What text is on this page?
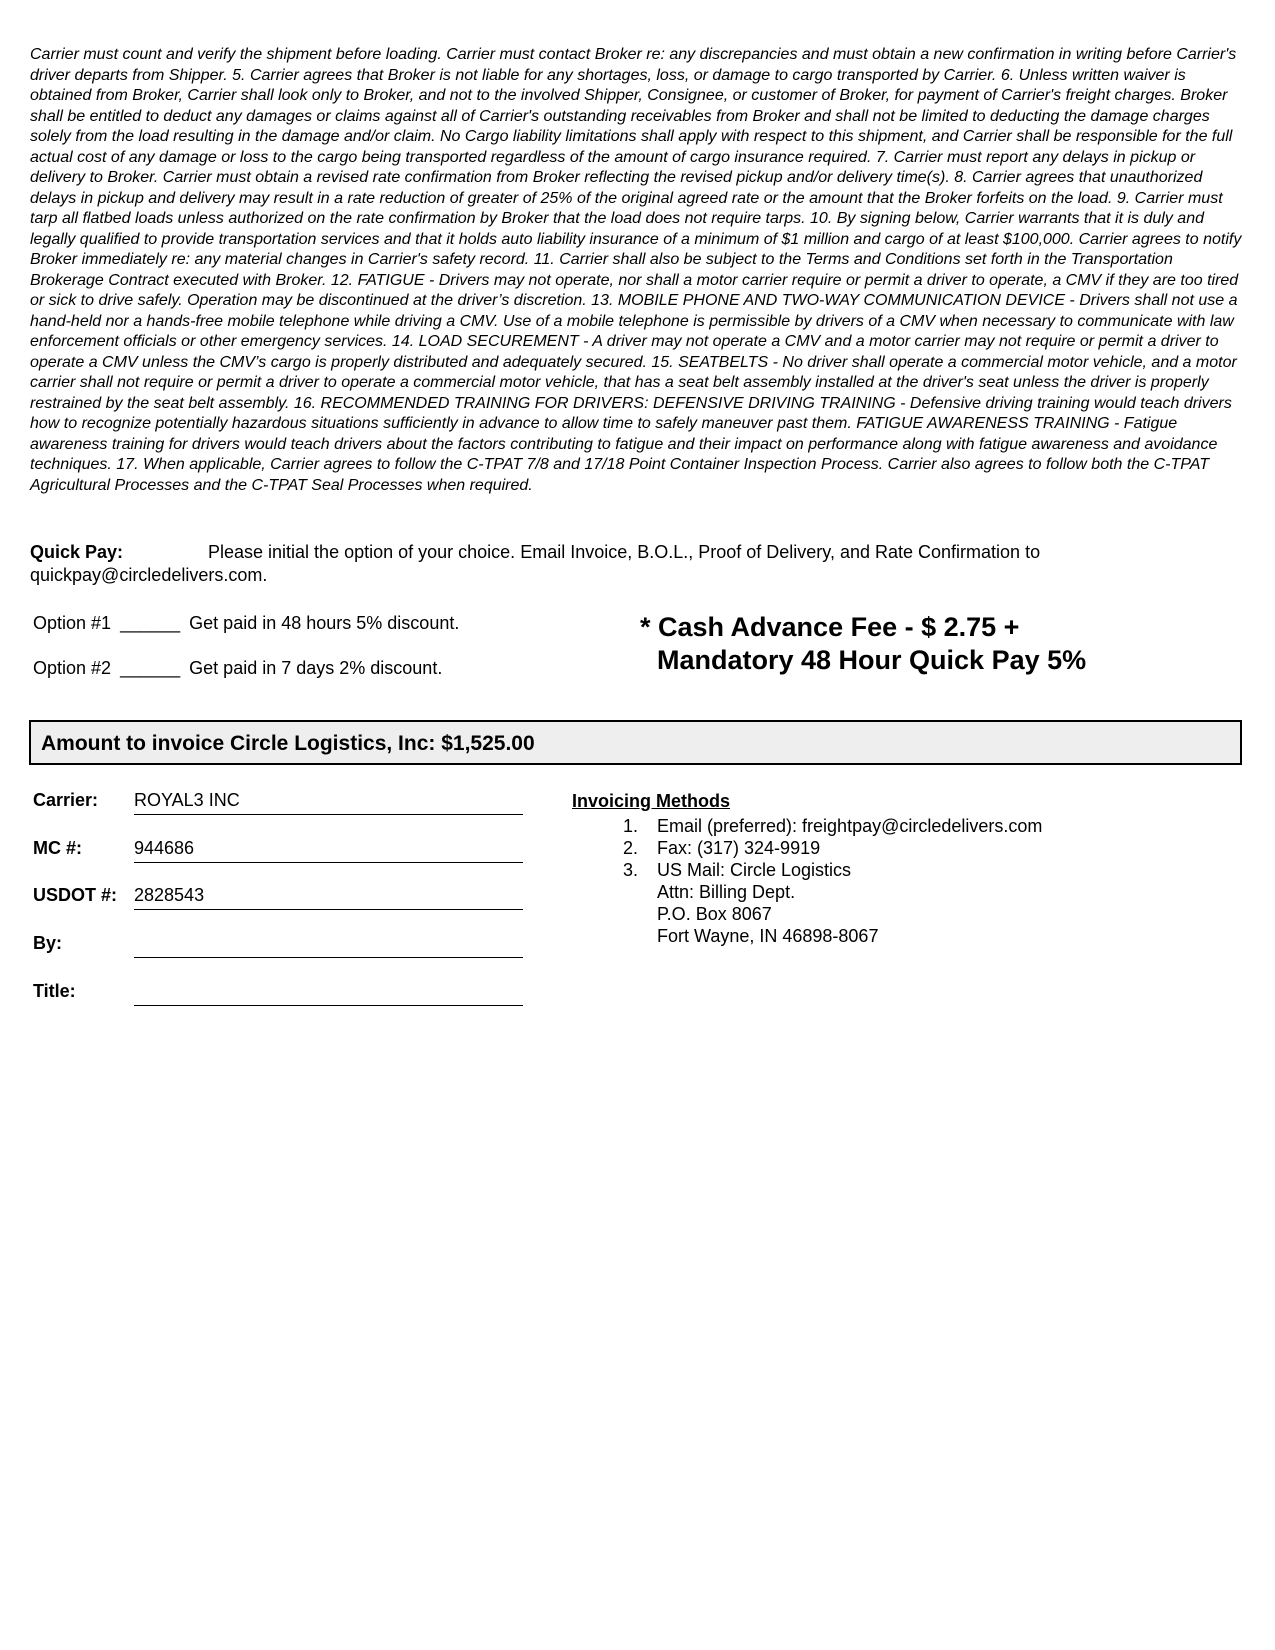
Carrier must count and verify the shipment before loading. Carrier must contact Broker re: any discrepancies and must obtain a new confirmation in writing before Carrier's driver departs from Shipper. 5. Carrier agrees that Broker is not liable for any shortages, loss, or damage to cargo transported by Carrier. 6. Unless written waiver is obtained from Broker, Carrier shall look only to Broker, and not to the involved Shipper, Consignee, or customer of Broker, for payment of Carrier's freight charges. Broker shall be entitled to deduct any damages or claims against all of Carrier's outstanding receivables from Broker and shall not be limited to deducting the damage charges solely from the load resulting in the damage and/or claim. No Cargo liability limitations shall apply with respect to this shipment, and Carrier shall be responsible for the full actual cost of any damage or loss to the cargo being transported regardless of the amount of cargo insurance required. 7. Carrier must report any delays in pickup or delivery to Broker. Carrier must obtain a revised rate confirmation from Broker reflecting the revised pickup and/or delivery time(s). 8. Carrier agrees that unauthorized delays in pickup and delivery may result in a rate reduction of greater of 25% of the original agreed rate or the amount that the Broker forfeits on the load. 9. Carrier must tarp all flatbed loads unless authorized on the rate confirmation by Broker that the load does not require tarps. 10. By signing below, Carrier warrants that it is duly and legally qualified to provide transportation services and that it holds auto liability insurance of a minimum of $1 million and cargo of at least $100,000. Carrier agrees to notify Broker immediately re: any material changes in Carrier's safety record. 11. Carrier shall also be subject to the Terms and Conditions set forth in the Transportation Brokerage Contract executed with Broker. 12. FATIGUE - Drivers may not operate, nor shall a motor carrier require or permit a driver to operate, a CMV if they are too tired or sick to drive safely. Operation may be discontinued at the driver’s discretion. 13. MOBILE PHONE AND TWO-WAY COMMUNICATION DEVICE - Drivers shall not use a hand-held nor a hands-free mobile telephone while driving a CMV. Use of a mobile telephone is permissible by drivers of a CMV when necessary to communicate with law enforcement officials or other emergency services. 14. LOAD SECUREMENT - A driver may not operate a CMV and a motor carrier may not require or permit a driver to operate a CMV unless the CMV’s cargo is properly distributed and adequately secured. 15. SEATBELTS - No driver shall operate a commercial motor vehicle, and a motor carrier shall not require or permit a driver to operate a commercial motor vehicle, that has a seat belt assembly installed at the driver's seat unless the driver is properly restrained by the seat belt assembly. 16. RECOMMENDED TRAINING FOR DRIVERS: DEFENSIVE DRIVING TRAINING - Defensive driving training would teach drivers how to recognize potentially hazardous situations sufficiently in advance to allow time to safely maneuver past them. FATIGUE AWARENESS TRAINING - Fatigue awareness training for drivers would teach drivers about the factors contributing to fatigue and their impact on performance along with fatigue awareness and avoidance techniques. 17. When applicable, Carrier agrees to follow the C-TPAT 7/8 and 17/18 Point Container Inspection Process. Carrier also agrees to follow both the C-TPAT Agricultural Processes and the C-TPAT Seal Processes when required.

Quick Pay:	Please initial the option of your choice. Email Invoice, B.O.L., Proof of Delivery, and Rate Confirmation to quickpay@circledelivers.com.
Option #1 ______ Get paid in 48 hours 5% discount.
Option #2 ______ Get paid in 7 days 2% discount.
* Cash Advance Fee - $ 2.75 +
Mandatory 48 Hour Quick Pay 5%
Amount to invoice Circle Logistics, Inc: $1,525.00
Carrier: ROYAL3 INC
MC #:	944686
USDOT #: 2828543
By:
Title:
Invoicing Methods
1. Email (preferred): freightpay@circledelivers.com
2. Fax: (317) 324-9919
3. US Mail: Circle Logistics
Attn: Billing Dept.
P.O. Box 8067
Fort Wayne, IN 46898-8067
